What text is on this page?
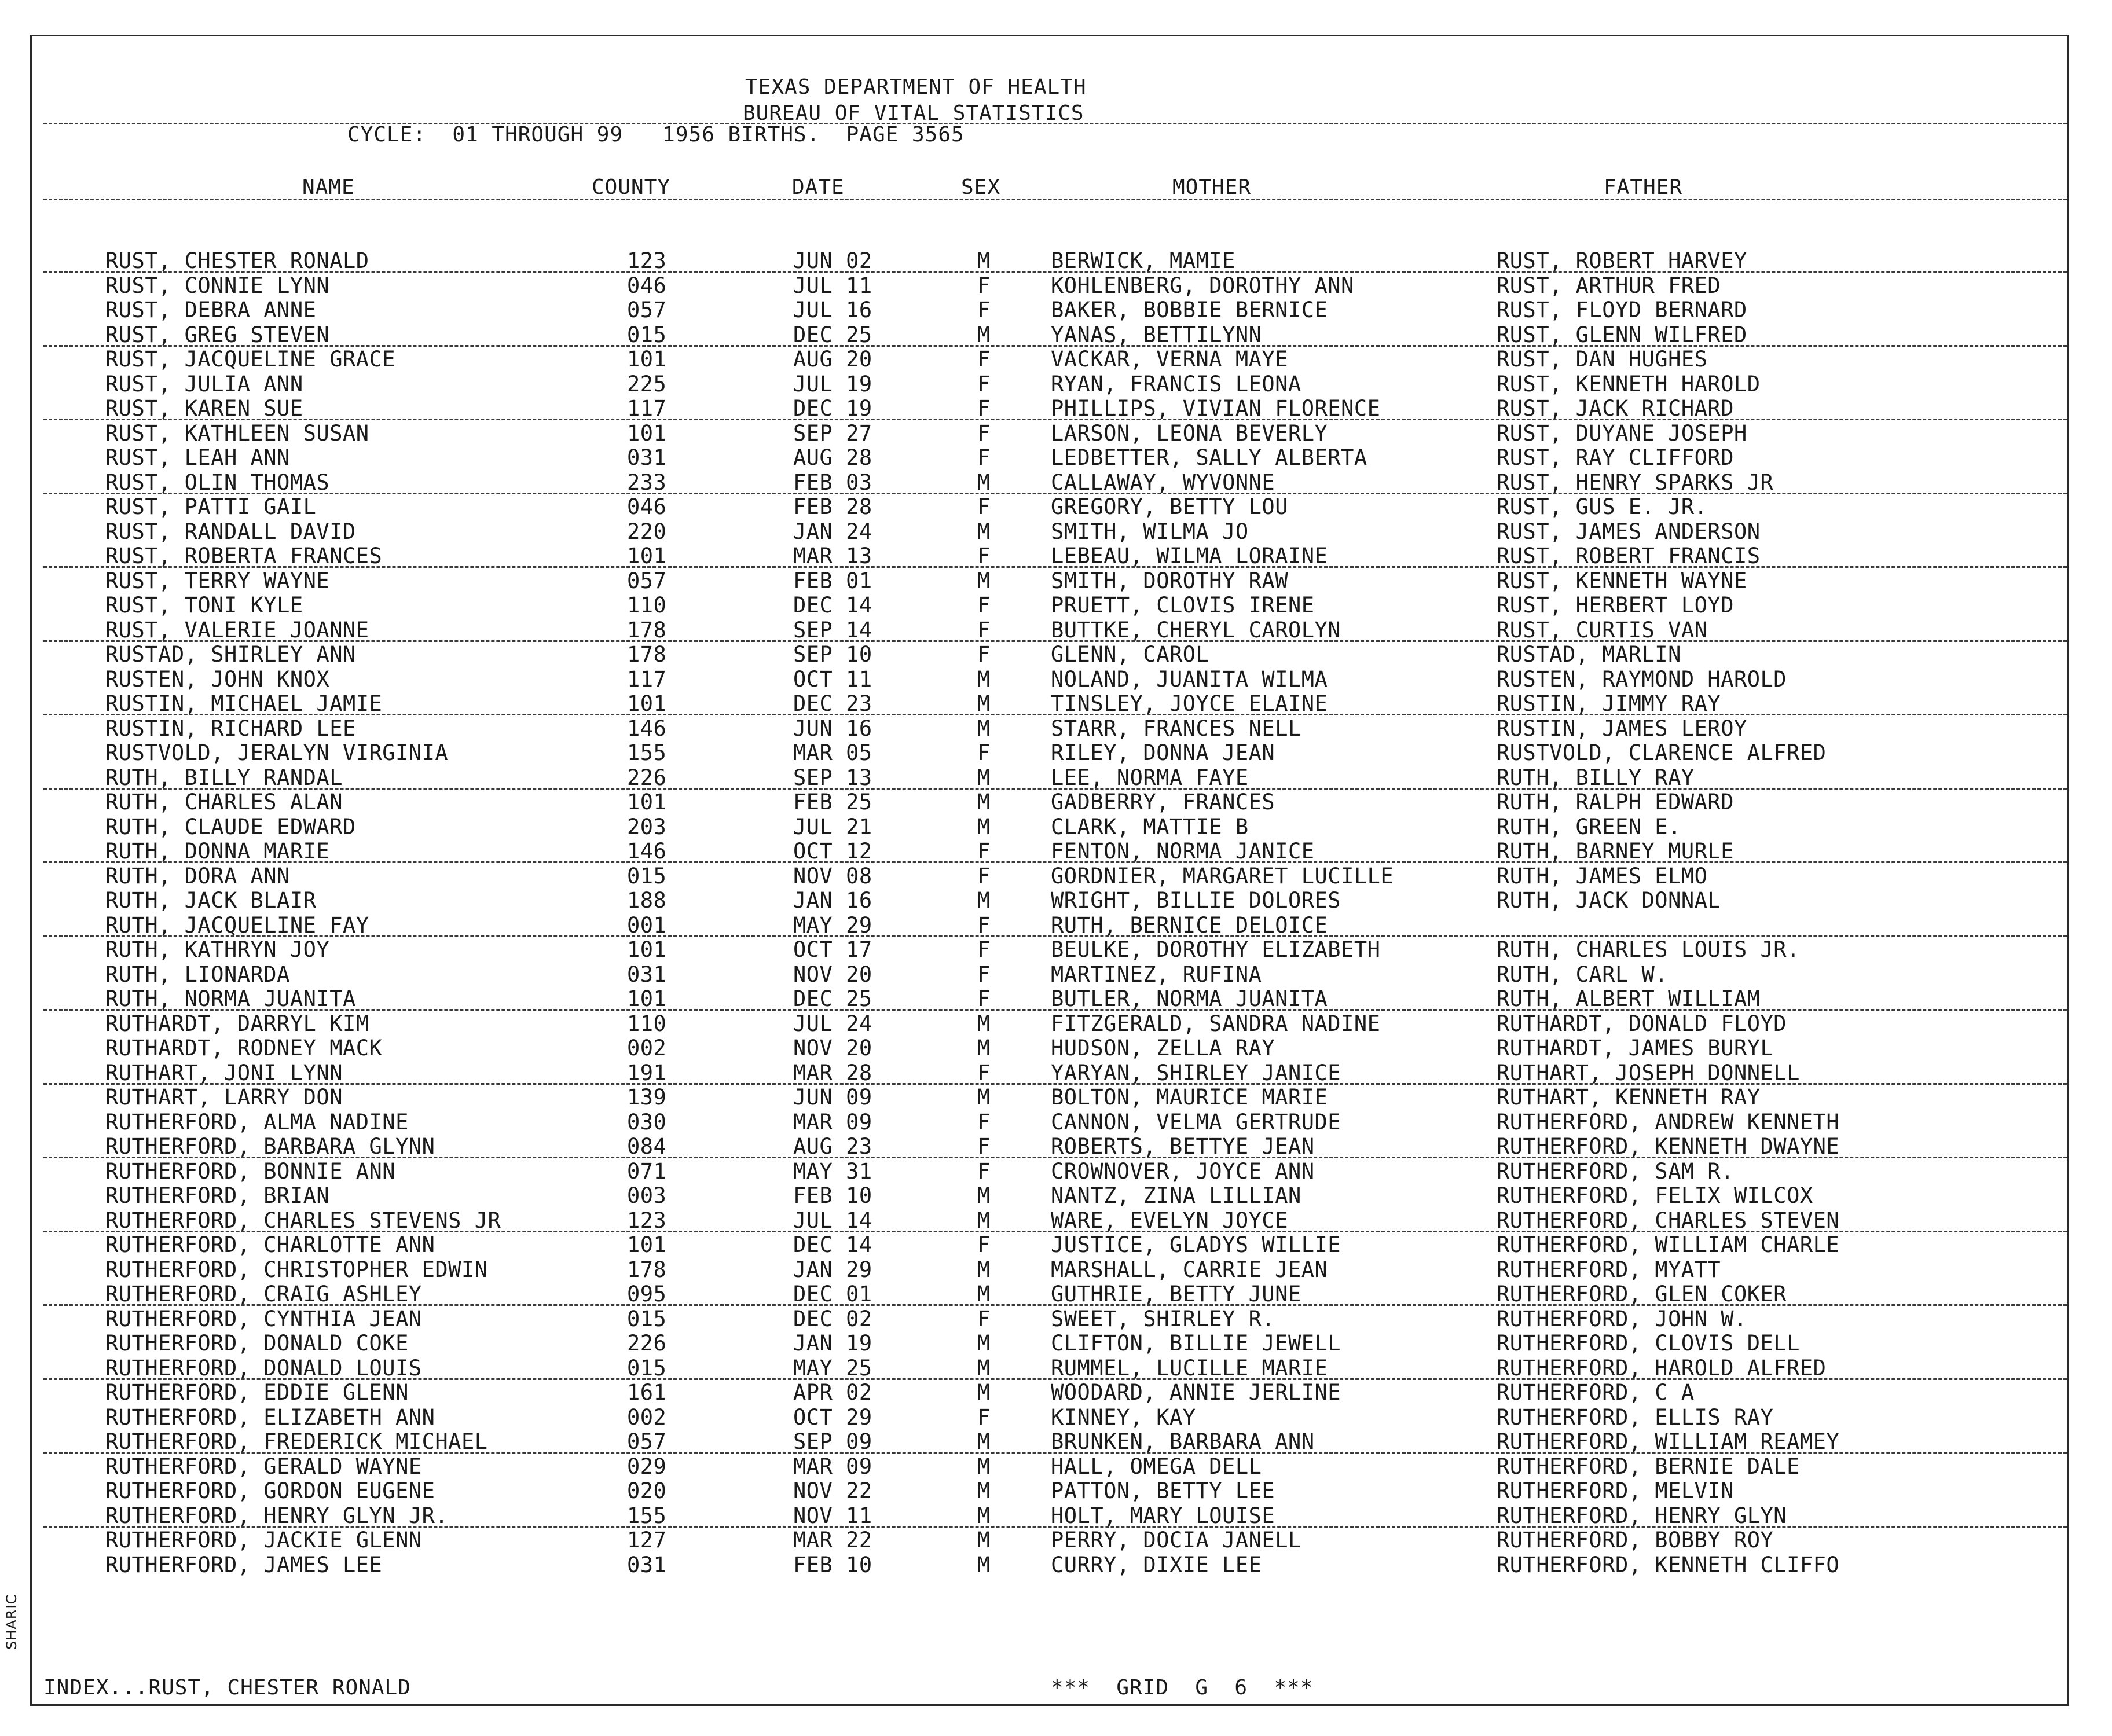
SHARIC
TEXAS DEPARTMENT OF HEALTH
BUREAU OF VITAL STATISTICS
CYCLE:  01 THROUGH 99   1956 BIRTHS.  PAGE 3565
NAME	COUNTY	DATE	SEX	MOTHER	FATHER
RUST, CHESTER RONALD	123	JUN 02	M	BERWICK, MAMIE	RUST, ROBERT HARVEY
RUST, CONNIE LYNN	046	JUL 11	F	KOHLENBERG, DOROTHY ANN	RUST, ARTHUR FRED
RUST, DEBRA ANNE	057	JUL 16	F	BAKER, BOBBIE BERNICE	RUST, FLOYD BERNARD
RUST, GREG STEVEN	015	DEC 25	M	YANAS, BETTILYNN	RUST, GLENN WILFRED
RUST, JACQUELINE GRACE	101	AUG 20	F	VACKAR, VERNA MAYE	RUST, DAN HUGHES
RUST, JULIA ANN	225	JUL 19	F	RYAN, FRANCIS LEONA	RUST, KENNETH HAROLD
RUST, KAREN SUE	117	DEC 19	F	PHILLIPS, VIVIAN FLORENCE	RUST, JACK RICHARD
RUST, KATHLEEN SUSAN	101	SEP 27	F	LARSON, LEONA BEVERLY	RUST, DUYANE JOSEPH
RUST, LEAH ANN	031	AUG 28	F	LEDBETTER, SALLY ALBERTA	RUST, RAY CLIFFORD
RUST, OLIN THOMAS	233	FEB 03	M	CALLAWAY, WYVONNE	RUST, HENRY SPARKS JR
RUST, PATTI GAIL	046	FEB 28	F	GREGORY, BETTY LOU	RUST, GUS E. JR.
RUST, RANDALL DAVID	220	JAN 24	M	SMITH, WILMA JO	RUST, JAMES ANDERSON
RUST, ROBERTA FRANCES	101	MAR 13	F	LEBEAU, WILMA LORAINE	RUST, ROBERT FRANCIS
RUST, TERRY WAYNE	057	FEB 01	M	SMITH, DOROTHY RAW	RUST, KENNETH WAYNE
RUST, TONI KYLE	110	DEC 14	F	PRUETT, CLOVIS IRENE	RUST, HERBERT LOYD
RUST, VALERIE JOANNE	178	SEP 14	F	BUTTKE, CHERYL CAROLYN	RUST, CURTIS VAN
RUSTAD, SHIRLEY ANN	178	SEP 10	F	GLENN, CAROL	RUSTAD, MARLIN
RUSTEN, JOHN KNOX	117	OCT 11	M	NOLAND, JUANITA WILMA	RUSTEN, RAYMOND HAROLD
RUSTIN, MICHAEL JAMIE	101	DEC 23	M	TINSLEY, JOYCE ELAINE	RUSTIN, JIMMY RAY
RUSTIN, RICHARD LEE	146	JUN 16	M	STARR, FRANCES NELL	RUSTIN, JAMES LEROY
RUSTVOLD, JERALYN VIRGINIA	155	MAR 05	F	RILEY, DONNA JEAN	RUSTVOLD, CLARENCE ALFRED
RUTH, BILLY RANDAL	226	SEP 13	M	LEE, NORMA FAYE	RUTH, BILLY RAY
RUTH, CHARLES ALAN	101	FEB 25	M	GADBERRY, FRANCES	RUTH, RALPH EDWARD
RUTH, CLAUDE EDWARD	203	JUL 21	M	CLARK, MATTIE B	RUTH, GREEN E.
RUTH, DONNA MARIE	146	OCT 12	F	FENTON, NORMA JANICE	RUTH, BARNEY MURLE
RUTH, DORA ANN	015	NOV 08	F	GORDNIER, MARGARET LUCILLE	RUTH, JAMES ELMO
RUTH, JACK BLAIR	188	JAN 16	M	WRIGHT, BILLIE DOLORES	RUTH, JACK DONNAL
RUTH, JACQUELINE FAY	001	MAY 29	F	RUTH, BERNICE DELOICE
RUTH, KATHRYN JOY	101	OCT 17	F	BEULKE, DOROTHY ELIZABETH	RUTH, CHARLES LOUIS JR.
RUTH, LIONARDA	031	NOV 20	F	MARTINEZ, RUFINA	RUTH, CARL W.
RUTH, NORMA JUANITA	101	DEC 25	F	BUTLER, NORMA JUANITA	RUTH, ALBERT WILLIAM
RUTHARDT, DARRYL KIM	110	JUL 24	M	FITZGERALD, SANDRA NADINE	RUTHARDT, DONALD FLOYD
RUTHARDT, RODNEY MACK	002	NOV 20	M	HUDSON, ZELLA RAY	RUTHARDT, JAMES BURYL
RUTHART, JONI LYNN	191	MAR 28	F	YARYAN, SHIRLEY JANICE	RUTHART, JOSEPH DONNELL
RUTHART, LARRY DON	139	JUN 09	M	BOLTON, MAURICE MARIE	RUTHART, KENNETH RAY
RUTHERFORD, ALMA NADINE	030	MAR 09	F	CANNON, VELMA GERTRUDE	RUTHERFORD, ANDREW KENNETH
RUTHERFORD, BARBARA GLYNN	084	AUG 23	F	ROBERTS, BETTYE JEAN	RUTHERFORD, KENNETH DWAYNE
RUTHERFORD, BONNIE ANN	071	MAY 31	F	CROWNOVER, JOYCE ANN	RUTHERFORD, SAM R.
RUTHERFORD, BRIAN	003	FEB 10	M	NANTZ, ZINA LILLIAN	RUTHERFORD, FELIX WILCOX
RUTHERFORD, CHARLES STEVENS JR	123	JUL 14	M	WARE, EVELYN JOYCE	RUTHERFORD, CHARLES STEVEN
RUTHERFORD, CHARLOTTE ANN	101	DEC 14	F	JUSTICE, GLADYS WILLIE	RUTHERFORD, WILLIAM CHARLE
RUTHERFORD, CHRISTOPHER EDWIN	178	JAN 29	M	MARSHALL, CARRIE JEAN	RUTHERFORD, MYATT
RUTHERFORD, CRAIG ASHLEY	095	DEC 01	M	GUTHRIE, BETTY JUNE	RUTHERFORD, GLEN COKER
RUTHERFORD, CYNTHIA JEAN	015	DEC 02	F	SWEET, SHIRLEY R.	RUTHERFORD, JOHN W.
RUTHERFORD, DONALD COKE	226	JAN 19	M	CLIFTON, BILLIE JEWELL	RUTHERFORD, CLOVIS DELL
RUTHERFORD, DONALD LOUIS	015	MAY 25	M	RUMMEL, LUCILLE MARIE	RUTHERFORD, HAROLD ALFRED
RUTHERFORD, EDDIE GLENN	161	APR 02	M	WOODARD, ANNIE JERLINE	RUTHERFORD, C A
RUTHERFORD, ELIZABETH ANN	002	OCT 29	F	KINNEY, KAY	RUTHERFORD, ELLIS RAY
RUTHERFORD, FREDERICK MICHAEL	057	SEP 09	M	BRUNKEN, BARBARA ANN	RUTHERFORD, WILLIAM REAMEY
RUTHERFORD, GERALD WAYNE	029	MAR 09	M	HALL, OMEGA DELL	RUTHERFORD, BERNIE DALE
RUTHERFORD, GORDON EUGENE	020	NOV 22	M	PATTON, BETTY LEE	RUTHERFORD, MELVIN
RUTHERFORD, HENRY GLYN JR.	155	NOV 11	M	HOLT, MARY LOUISE	RUTHERFORD, HENRY GLYN
RUTHERFORD, JACKIE GLENN	127	MAR 22	M	PERRY, DOCIA JANELL	RUTHERFORD, BOBBY ROY
RUTHERFORD, JAMES LEE	031	FEB 10	M	CURRY, DIXIE LEE	RUTHERFORD, KENNETH CLIFFO
INDEX...RUST, CHESTER RONALD	***  GRID  G  6  ***
